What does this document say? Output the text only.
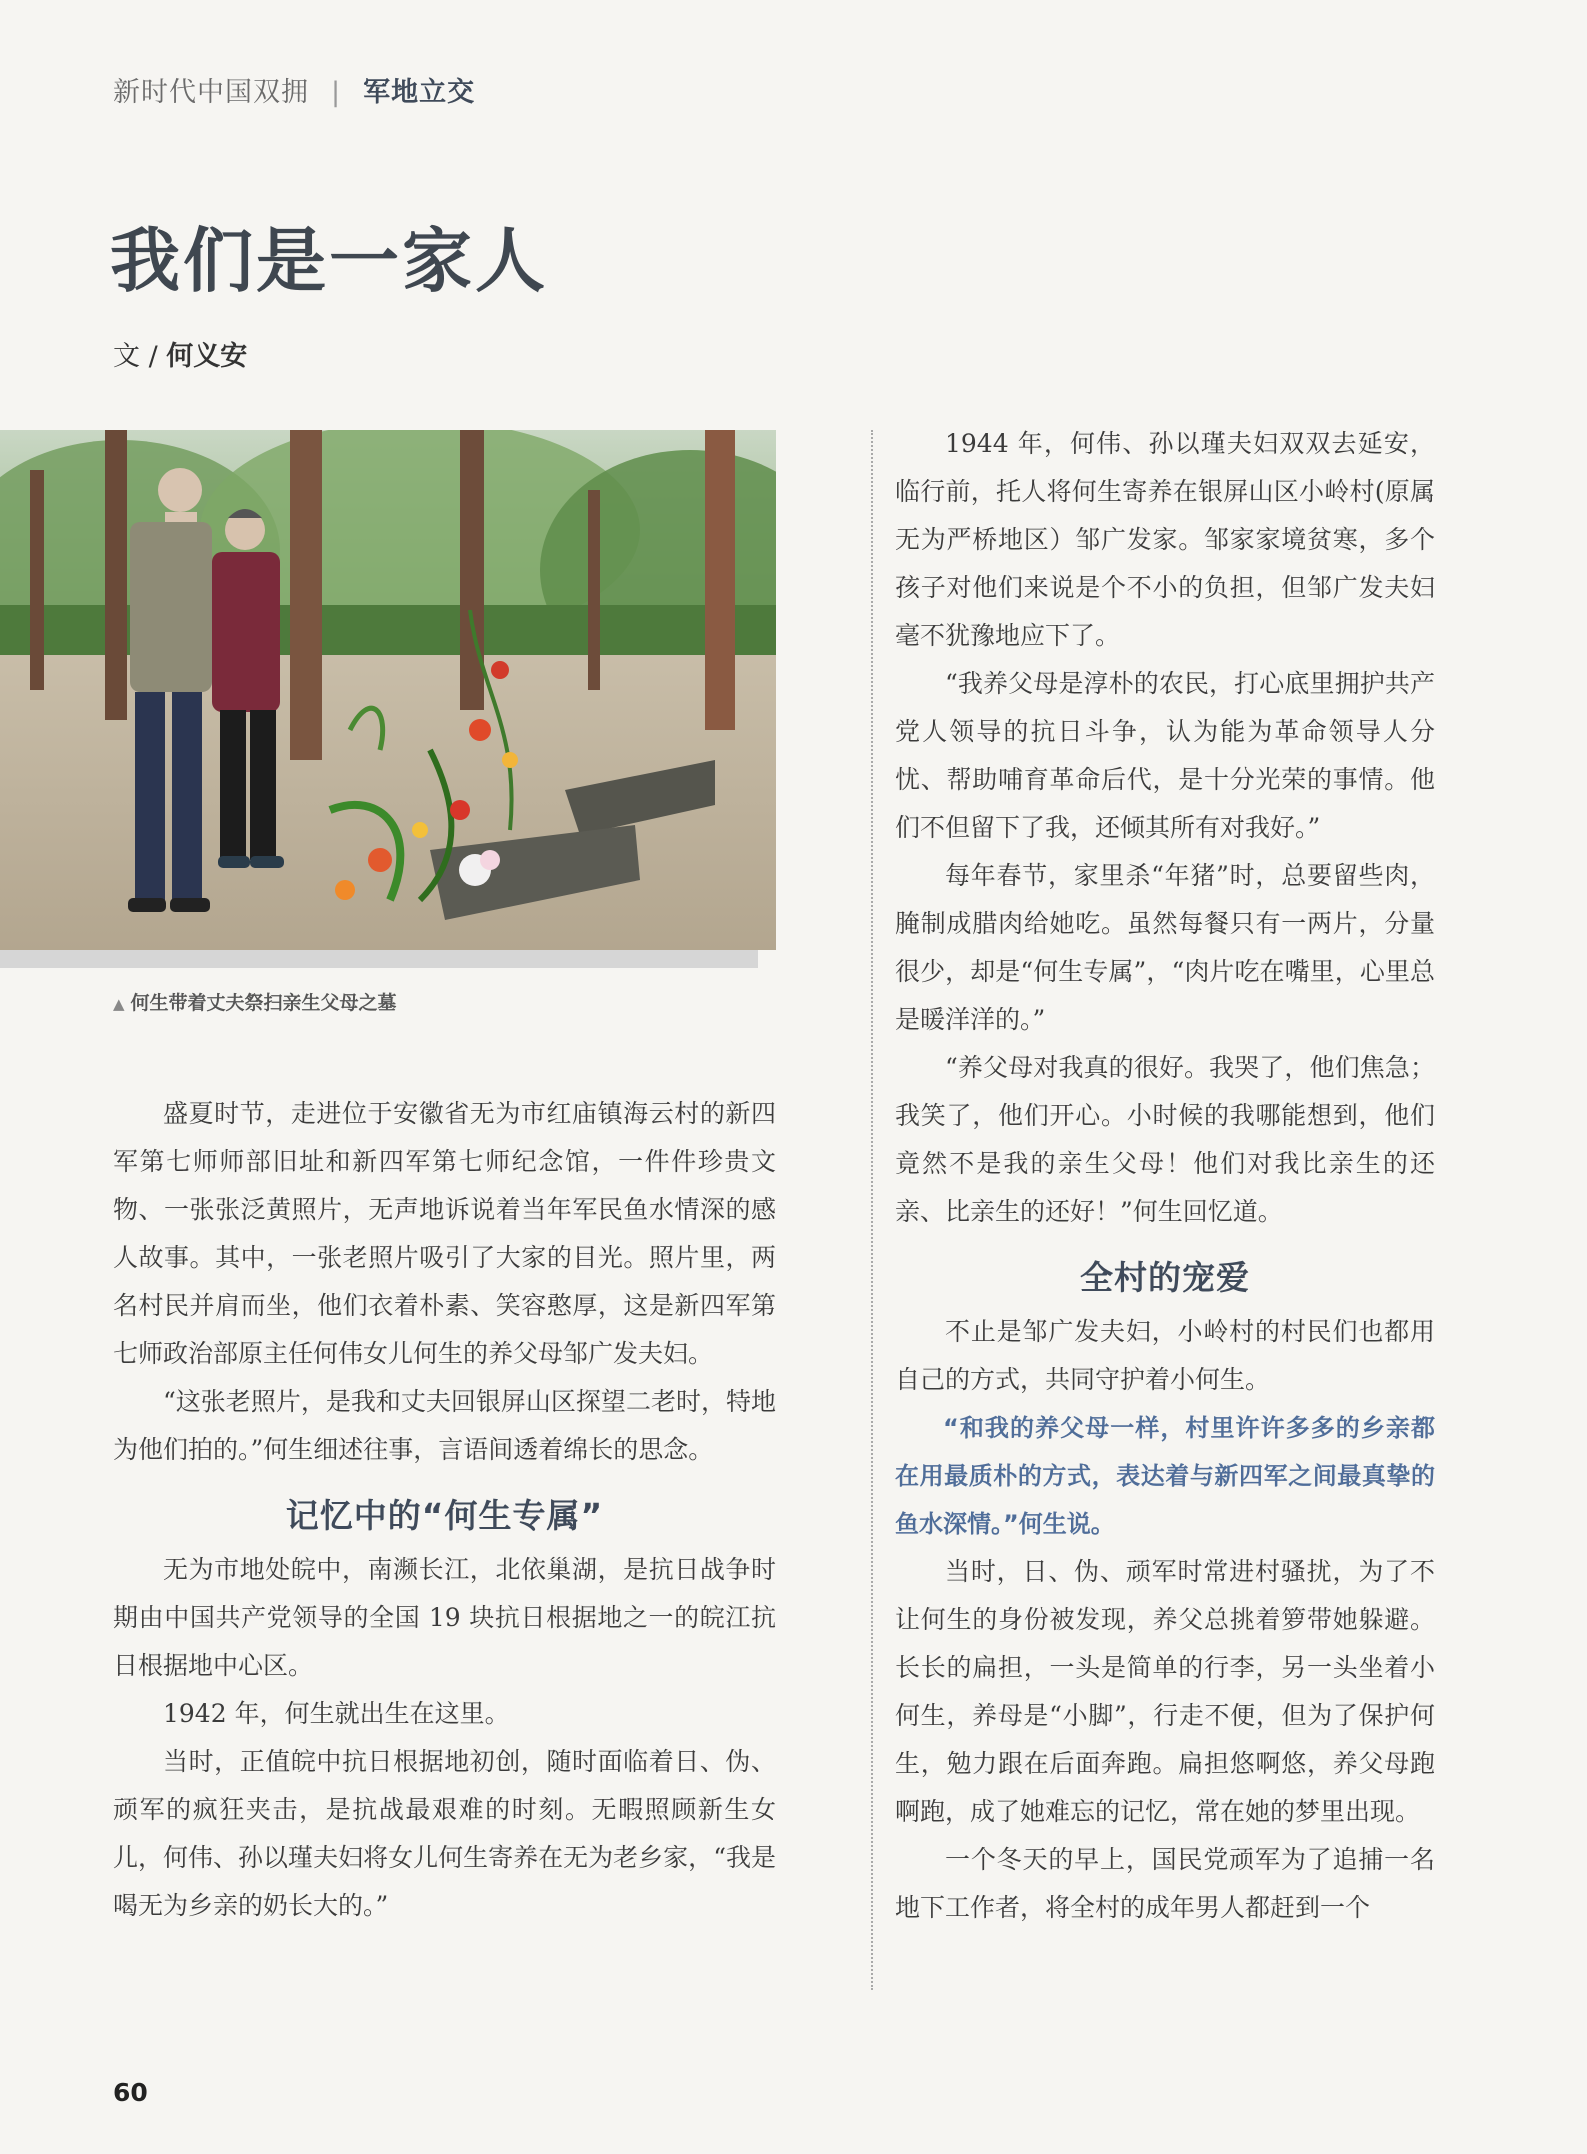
新时代中国双拥 | 军地立交
我们是一家人
文 / 何义安
▲ 何生带着丈夫祭扫亲生父母之墓

盛夏时节，走进位于安徽省无为市红庙镇海云村的新四军第七师师部旧址和新四军第七师纪念馆，一件件珍贵文物、一张张泛黄照片，无声地诉说着当年军民鱼水情深的感人故事。其中，一张老照片吸引了大家的目光。照片里，两名村民并肩而坐，他们衣着朴素、笑容憨厚，这是新四军第七师政治部原主任何伟女儿何生的养父母邹广发夫妇。

“这张老照片，是我和丈夫回银屏山区探望二老时，特地为他们拍的。”何生细述往事，言语间透着绵长的思念。

记忆中的“何生专属”

无为市地处皖中，南濒长江，北依巢湖，是抗日战争时期由中国共产党领导的全国 19 块抗日根据地之一的皖江抗日根据地中心区。

1942 年，何生就出生在这里。

当时，正值皖中抗日根据地初创，随时面临着日、伪、顽军的疯狂夹击，是抗战最艰难的时刻。无暇照顾新生女儿，何伟、孙以瑾夫妇将女儿何生寄养在无为老乡家，“我是喝无为乡亲的奶长大的。”

1944 年，何伟、孙以瑾夫妇双双去延安，临行前，托人将何生寄养在银屏山区小岭村(原属无为严桥地区）邹广发家。邹家家境贫寒，多个孩子对他们来说是个不小的负担，但邹广发夫妇毫不犹豫地应下了。

“我养父母是淳朴的农民，打心底里拥护共产党人领导的抗日斗争，认为能为革命领导人分忧、帮助哺育革命后代，是十分光荣的事情。他们不但留下了我，还倾其所有对我好。”

每年春节，家里杀“年猪”时，总要留些肉，腌制成腊肉给她吃。虽然每餐只有一两片，分量很少，却是“何生专属”，“肉片吃在嘴里，心里总是暖洋洋的。”

“养父母对我真的很好。我哭了，他们焦急；我笑了，他们开心。小时候的我哪能想到，他们竟然不是我的亲生父母！他们对我比亲生的还亲、比亲生的还好！”何生回忆道。

全村的宠爱

不止是邹广发夫妇，小岭村的村民们也都用自己的方式，共同守护着小何生。

“和我的养父母一样，村里许许多多的乡亲都在用最质朴的方式，表达着与新四军之间最真挚的鱼水深情。”何生说。

当时，日、伪、顽军时常进村骚扰，为了不让何生的身份被发现，养父总挑着箩带她躲避。长长的扁担，一头是简单的行李，另一头坐着小何生，养母是“小脚”，行走不便，但为了保护何生，勉力跟在后面奔跑。扁担悠啊悠，养父母跑啊跑，成了她难忘的记忆，常在她的梦里出现。

一个冬天的早上，国民党顽军为了追捕一名地下工作者，将全村的成年男人都赶到一个

60
